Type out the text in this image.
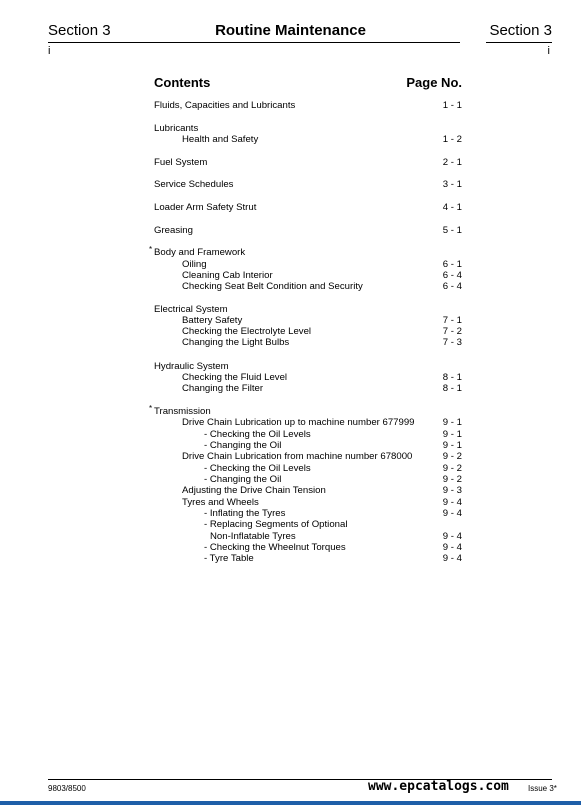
Section 3	Routine Maintenance	Section 3
i	i
Contents	Page No.
Fluids, Capacities and Lubricants	1 - 1
Lubricants
Health and Safety	1 - 2
Fuel System	2 - 1
Service Schedules	3 - 1
Loader Arm Safety Strut	4 - 1
Greasing	5 - 1
* Body and Framework
Oiling	6 - 1
Cleaning Cab Interior	6 - 4
Checking Seat Belt Condition and Security	6 - 4
Electrical System
Battery Safety	7 - 1
Checking the Electrolyte Level	7 - 2
Changing the Light Bulbs	7 - 3
Hydraulic System
Checking the Fluid Level	8 - 1
Changing the Filter	8 - 1
* Transmission
Drive Chain Lubrication up to machine number 677999	9 - 1
- Checking the Oil Levels	9 - 1
- Changing the Oil	9 - 1
Drive Chain Lubrication from machine number 678000	9 - 2
- Checking the Oil Levels	9 - 2
- Changing the Oil	9 - 2
Adjusting the Drive Chain Tension	9 - 3
Tyres and Wheels	9 - 4
- Inflating the Tyres	9 - 4
- Replacing Segments of Optional
Non-Inflatable Tyres	9 - 4
- Checking the Wheelnut Torques	9 - 4
- Tyre Table	9 - 4
9803/8500	Issue 3*
www.epcatalogs.com
